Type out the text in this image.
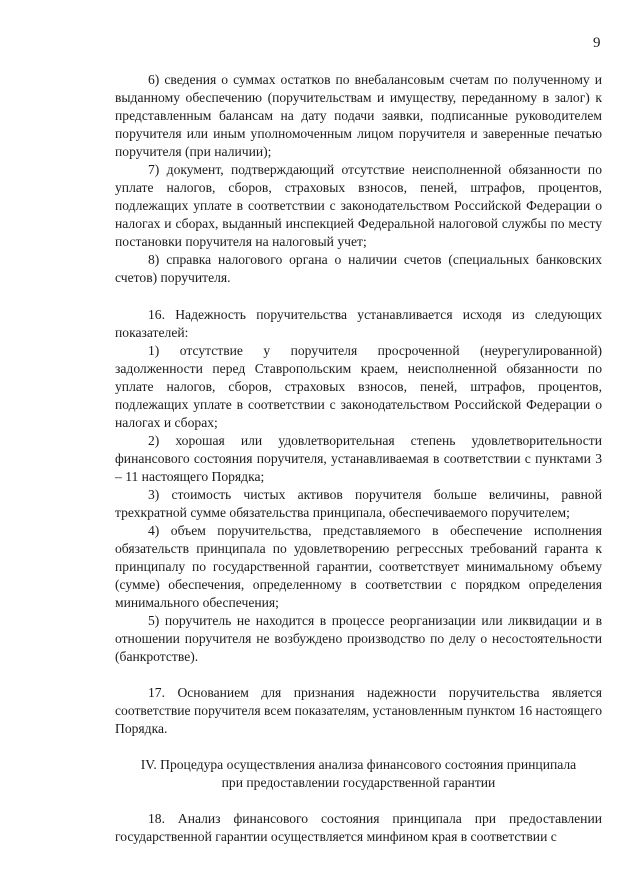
9

6) сведения о суммах остатков по внебалансовым счетам по полученному и выданному обеспечению (поручительствам и имуществу, переданному в залог) к представленным балансам на дату подачи заявки, подписанные руководителем поручителя или иным уполномоченным лицом поручителя и заверенные печатью поручителя (при наличии);

7) документ, подтверждающий отсутствие неисполненной обязанности по уплате налогов, сборов, страховых взносов, пеней, штрафов, процентов, подлежащих уплате в соответствии с законодательством Российской Федерации о налогах и сборах, выданный инспекцией Федеральной налоговой службы по месту постановки поручителя на налоговый учет;

8) справка налогового органа о наличии счетов (специальных банковских счетов) поручителя.

16. Надежность поручительства устанавливается исходя из следующих показателей:

1) отсутствие у поручителя просроченной (неурегулированной) задолженности перед Ставропольским краем, неисполненной обязанности по уплате налогов, сборов, страховых взносов, пеней, штрафов, процентов, подлежащих уплате в соответствии с законодательством Российской Федерации о налогах и сборах;

2) хорошая или удовлетворительная степень удовлетворительности финансового состояния поручителя, устанавливаемая в соответствии с пунктами 3 – 11 настоящего Порядка;

3) стоимость чистых активов поручителя больше величины, равной трехкратной сумме обязательства принципала, обеспечиваемого поручителем;

4) объем поручительства, представляемого в обеспечение исполнения обязательств принципала по удовлетворению регрессных требований гаранта к принципалу по государственной гарантии, соответствует минимальному объему (сумме) обеспечения, определенному в соответствии с порядком определения минимального обеспечения;

5) поручитель не находится в процессе реорганизации или ликвидации и в отношении поручителя не возбуждено производство по делу о несостоятельности (банкротстве).

17. Основанием для признания надежности поручительства является соответствие поручителя всем показателям, установленным пунктом 16 настоящего Порядка.

IV. Процедура осуществления анализа финансового состояния принципала при предоставлении государственной гарантии

18. Анализ финансового состояния принципала при предоставлении государственной гарантии осуществляется минфином края в соответствии с
